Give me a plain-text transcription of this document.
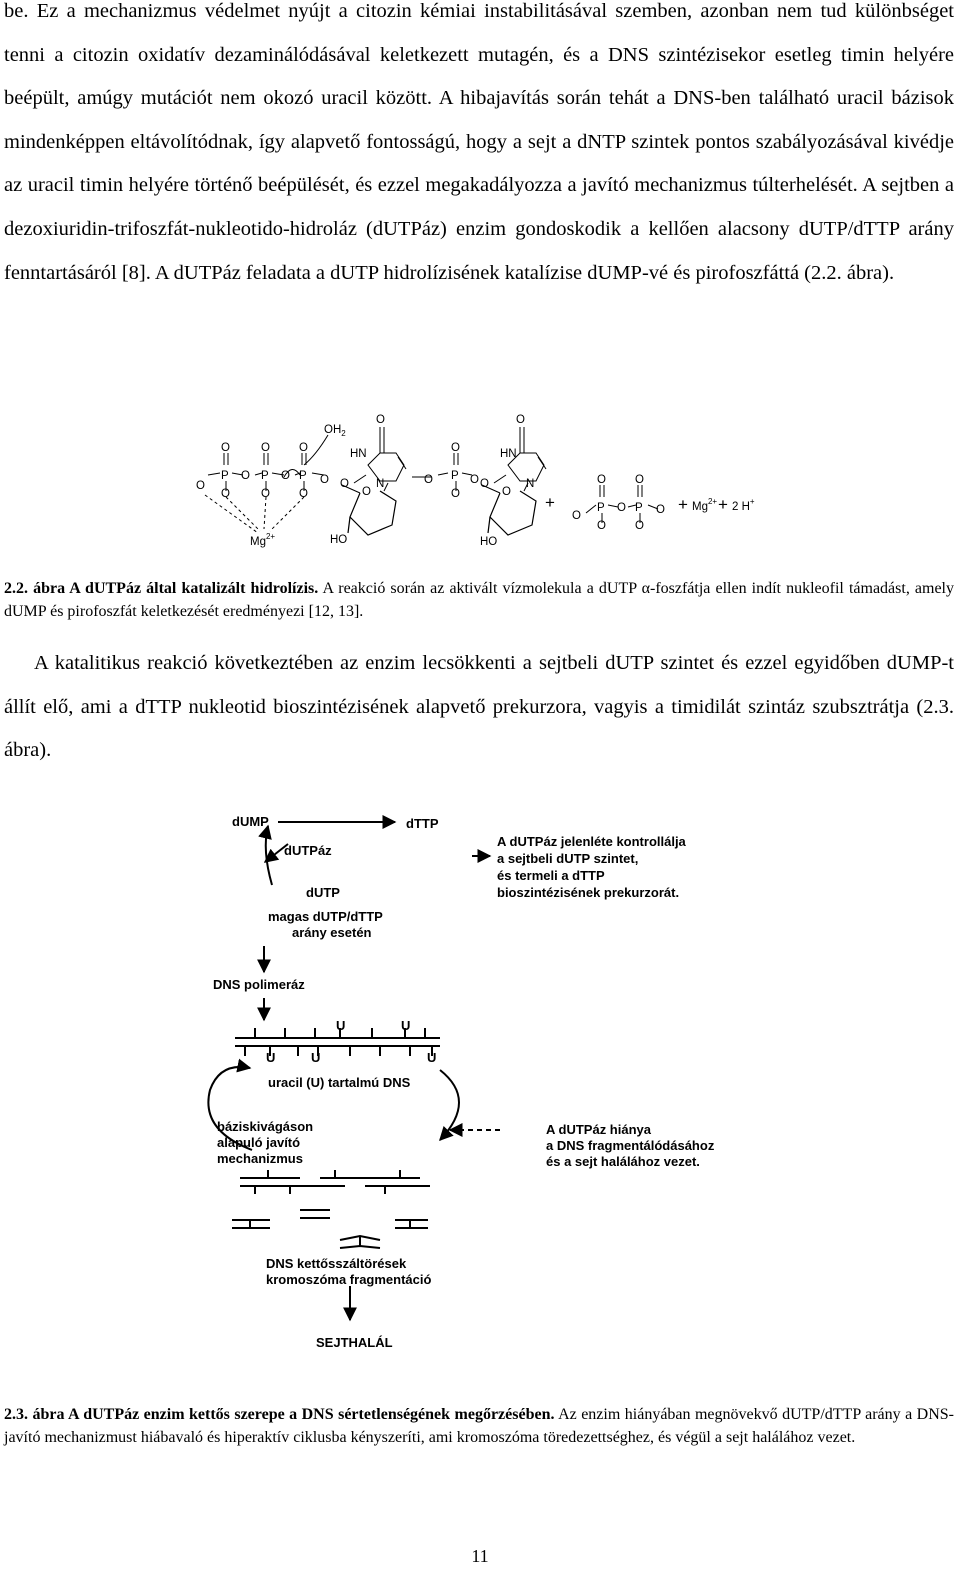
be. Ez a mechanizmus védelmet nyújt a citozin kémiai instabilitásával szemben, azonban nem tud különbséget tenni a citozin oxidatív dezaminálódásával keletkezett mutagén, és a DNS szintézisekor esetleg timin helyére beépült, amúgy mutációt nem okozó uracil között. A hibajavítás során tehát a DNS-ben található uracil bázisok mindenképpen eltávolítódnak, így alapvető fontosságú, hogy a sejt a dNTP szintek pontos szabályozásával kivédje az uracil timin helyére történő beépülését, és ezzel megakadályozza a javító mechanizmus túlterhelését. A sejtben a dezoxiuridin-trifoszfát-nukleotido-hidroláz (dUTPáz) enzim gondoskodik a kellően alacsony dUTP/dTTP arány fenntartásáról [8]. A dUTPáz feladata a dUTP hidrolízisének katalízise dUMP-vé és pirofoszfáttá (2.2. ábra).

O
P
O
O
O P
O
O
O P
O
O
O
$OH_2$
O
HN
N
O
O
HO
$Mg^{2+}$
O P
O
O
O
O
HN
N
O
O
HO
+
O
P
O
O
O P
O
O
$O + Mg^{2+} + 2$ H+

2.2. ábra A dUTPáz által katalizált hidrolízis. A reakció során az aktivált vízmolekula a dUTP α-foszfátja ellen indít nukleofil támadást, amely dUMP és pirofoszfát keletkezését eredményezi [12, 13].

A katalitikus reakció következtében az enzim lecsökkenti a sejtbeli dUTP szintet és ezzel egyidőben dUMP-t állít elő, ami a dTTP nukleotid bioszintézisének alapvető prekurzora, vagyis a timidilát szintáz szubsztrátja (2.3. ábra).

dUMP	dTTP
dUTPáz
dUTP
magas dUTP/dTTP
arány esetén
A dUTPáz jelenléte kontrollálja
a sejtbeli dUTP szintet,
és termeli a dTTP
bioszintézisének prekurzorát.
DNS polimeráz
U	U
U	U	U
uracil (U) tartalmú DNS
báziskivágáson
alapuló javító
mechanizmus
A dUTPáz hiánya
a DNS fragmentálódásához
és a sejt halálához vezet.
DNS kettősszáltörések
kromoszóma fragmentáció
SEJTHALÁL

2.3. ábra A dUTPáz enzim kettős szerepe a DNS sértetlenségének megőrzésében. Az enzim hiányában megnövekvő dUTP/dTTP arány a DNS-javító mechanizmust hiábavaló és hiperaktív ciklusba kényszeríti, ami kromoszóma töredezettséghez, és végül a sejt halálához vezet.

11
